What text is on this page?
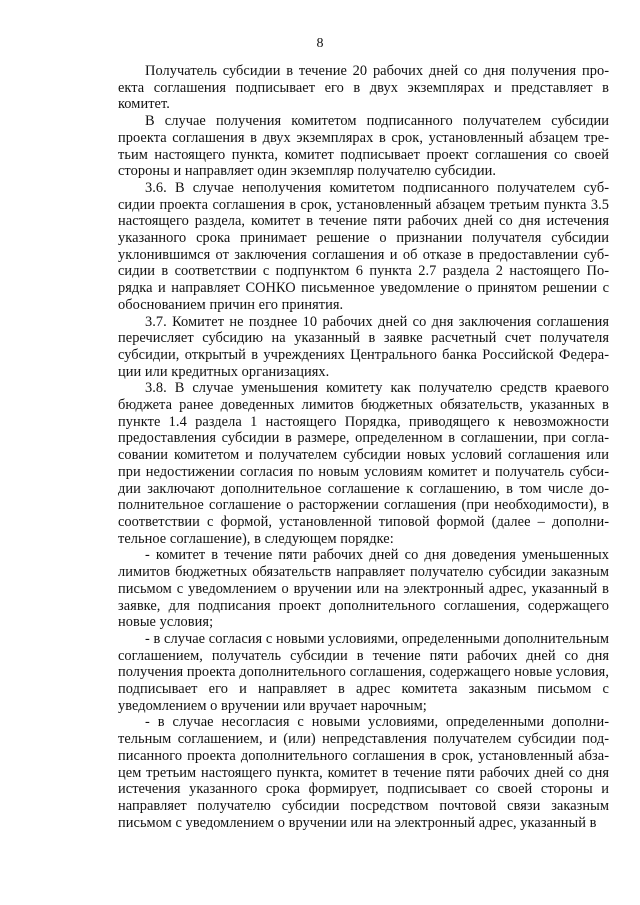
8

Получатель субсидии в течение 20 рабочих дней со дня получения проекта соглашения подписывает его в двух экземплярах и представляет в комитет.

В случае получения комитетом подписанного получателем субсидии проекта соглашения в двух экземплярах в срок, установленный абзацем третьим настоящего пункта, комитет подписывает проект соглашения со своей стороны и направляет один экземпляр получателю субсидии.

3.6. В случае неполучения комитетом подписанного получателем субсидии проекта соглашения в срок, установленный абзацем третьим пункта 3.5 настоящего раздела, комитет в течение пяти рабочих дней со дня истечения указанного срока принимает решение о признании получателя субсидии уклонившимся от заключения соглашения и об отказе в предоставлении субсидии в соответствии с подпунктом 6 пункта 2.7 раздела 2 настоящего Порядка и направляет СОНКО письменное уведомление о принятом решении с обоснованием причин его принятия.

3.7. Комитет не позднее 10 рабочих дней со дня заключения соглашения перечисляет субсидию на указанный в заявке расчетный счет получателя субсидии, открытый в учреждениях Центрального банка Российской Федерации или кредитных организациях.

3.8. В случае уменьшения комитету как получателю средств краевого бюджета ранее доведенных лимитов бюджетных обязательств, указанных в пункте 1.4 раздела 1 настоящего Порядка, приводящего к невозможности предоставления субсидии в размере, определенном в соглашении, при согласовании комитетом и получателем субсидии новых условий соглашения или при недостижении согласия по новым условиям комитет и получатель субсидии заключают дополнительное соглашение к соглашению, в том числе дополнительное соглашение о расторжении соглашения (при необходимости), в соответствии с формой, установленной типовой формой (далее – дополнительное соглашение), в следующем порядке:

- комитет в течение пяти рабочих дней со дня доведения уменьшенных лимитов бюджетных обязательств направляет получателю субсидии заказным письмом с уведомлением о вручении или на электронный адрес, указанный в заявке, для подписания проект дополнительного соглашения, содержащего новые условия;

- в случае согласия с новыми условиями, определенными дополнительным соглашением, получатель субсидии в течение пяти рабочих дней со дня получения проекта дополнительного соглашения, содержащего новые условия, подписывает его и направляет в адрес комитета заказным письмом с уведомлением о вручении или вручает нарочным;

- в случае несогласия с новыми условиями, определенными дополнительным соглашением, и (или) непредставления получателем субсидии подписанного проекта дополнительного соглашения в срок, установленный абзацем третьим настоящего пункта, комитет в течение пяти рабочих дней со дня истечения указанного срока формирует, подписывает со своей стороны и направляет получателю субсидии посредством почтовой связи заказным письмом с уведомлением о вручении или на электронный адрес, указанный в
